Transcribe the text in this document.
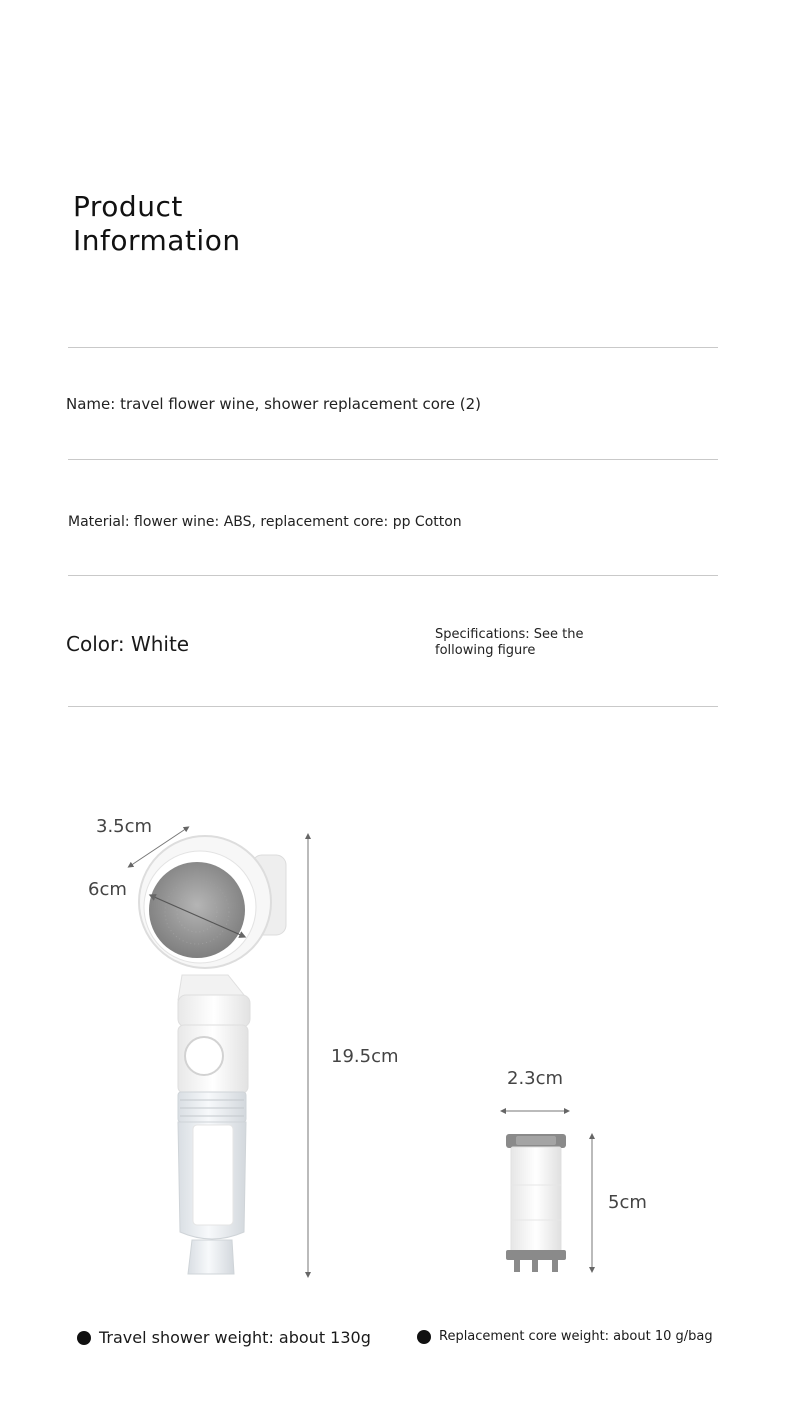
Product
Information
Name: travel flower wine, shower replacement core (2)
Material: flower wine: ABS, replacement core: pp Cotton
Color: White	Specifications: See the
following figure
3.5cm
6cm
19.5cm
2.3cm
5cm
Travel shower weight: about 130g	Replacement core weight: about 10 g/bag
